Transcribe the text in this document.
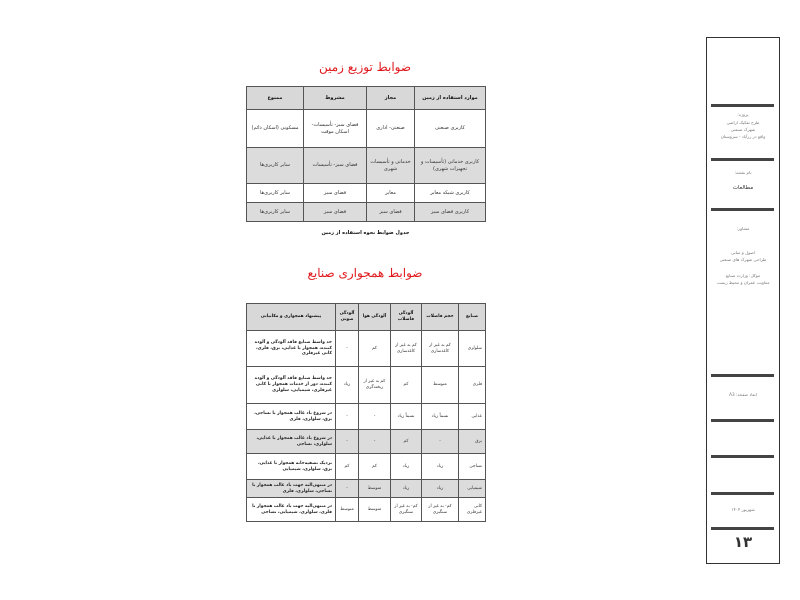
ضوابط توزیع زمین
موارد استفاده از زمین	مجاز	مشروط	ممنوع
کاربری صنعتی	صنعتی- اداری	فضای سبز- تأسیسات- اسکان موقت	مسکونی (اسکان دائم)
کاربری خدماتی (تأسیسات و تجهیزات شهری)	خدماتی و تأسیسات شهری	فضای سبز- تأسیسات	سایر کاربری‌ها
کاربری شبکه معابر	معابر	فضای سبز	سایر کاربری‌ها
کاربری فضای سبز	فضای سبز	فضای سبز	سایر کاربری‌ها
جدول ضوابط نحوه استفاده از زمین
ضوابط همجواری صنایع
صنایع	حجم فاضلاب	آلودگی فاضلاب	آلودگی هوا	آلودگی صوتی	پیشنهاد همجواری و مکانیابی
سلولزی	کم به غیر از کاغذسازی	کم به غیر از کاغذسازی	کم	-	حد واسط صنایع فاقد آلودگی و آلوده کننده، همجوار با غذایی، برق، فلزی، کانی غیرفلزی
فلزی	متوسط	کم	کم به غیر از ریخته‌گری	زیاد	حد واسط صنایع فاقد آلودگی و آلوده کننده، دور از خدمات همجوار با کانی غیرفلزی، شیمیایی، سلولزی
غذایی	نسبتاً زیاد	نسبتاً زیاد	-	-	در شروع باد غالب همجوار با نساجی، برق، سلولزی، فلزی
برق	-	کم	-	-	در شروع باد غالب همجوار با غذایی، سلولزی، نساجی
نساجی	زیاد	زیاد	کم	کم	نزدیک تصفیه‌خانه همجوار با غذایی، برق، سلولزی، شیمیایی
شیمیایی	زیاد	زیاد	متوسط	-	در منتهی‌الیه جهت باد غالب همجوار با نساجی، سلولزی، فلزی
کانی غیرفلزی	کم- به غیر از سنگبری	کم- به غیر از سنگبری	متوسط	متوسط	در منتهی‌الیه جهت باد غالب همجوار با فلزی، سلولزی، شیمیایی، نساجی
پروژه:
طرح تفکیک اراضی
شهرک صنعتی
واقع در زرآباد - سروستان
نام نقشه:
مطالعات
مشاور:
اصول و مبانی
طراحی شهرک های صنعتی
موکل: وزارت صنایع
معاونت عمران و محیط زیست
ابعاد صفحه: A3
شهریور ۱۴۰۴
۱۳
